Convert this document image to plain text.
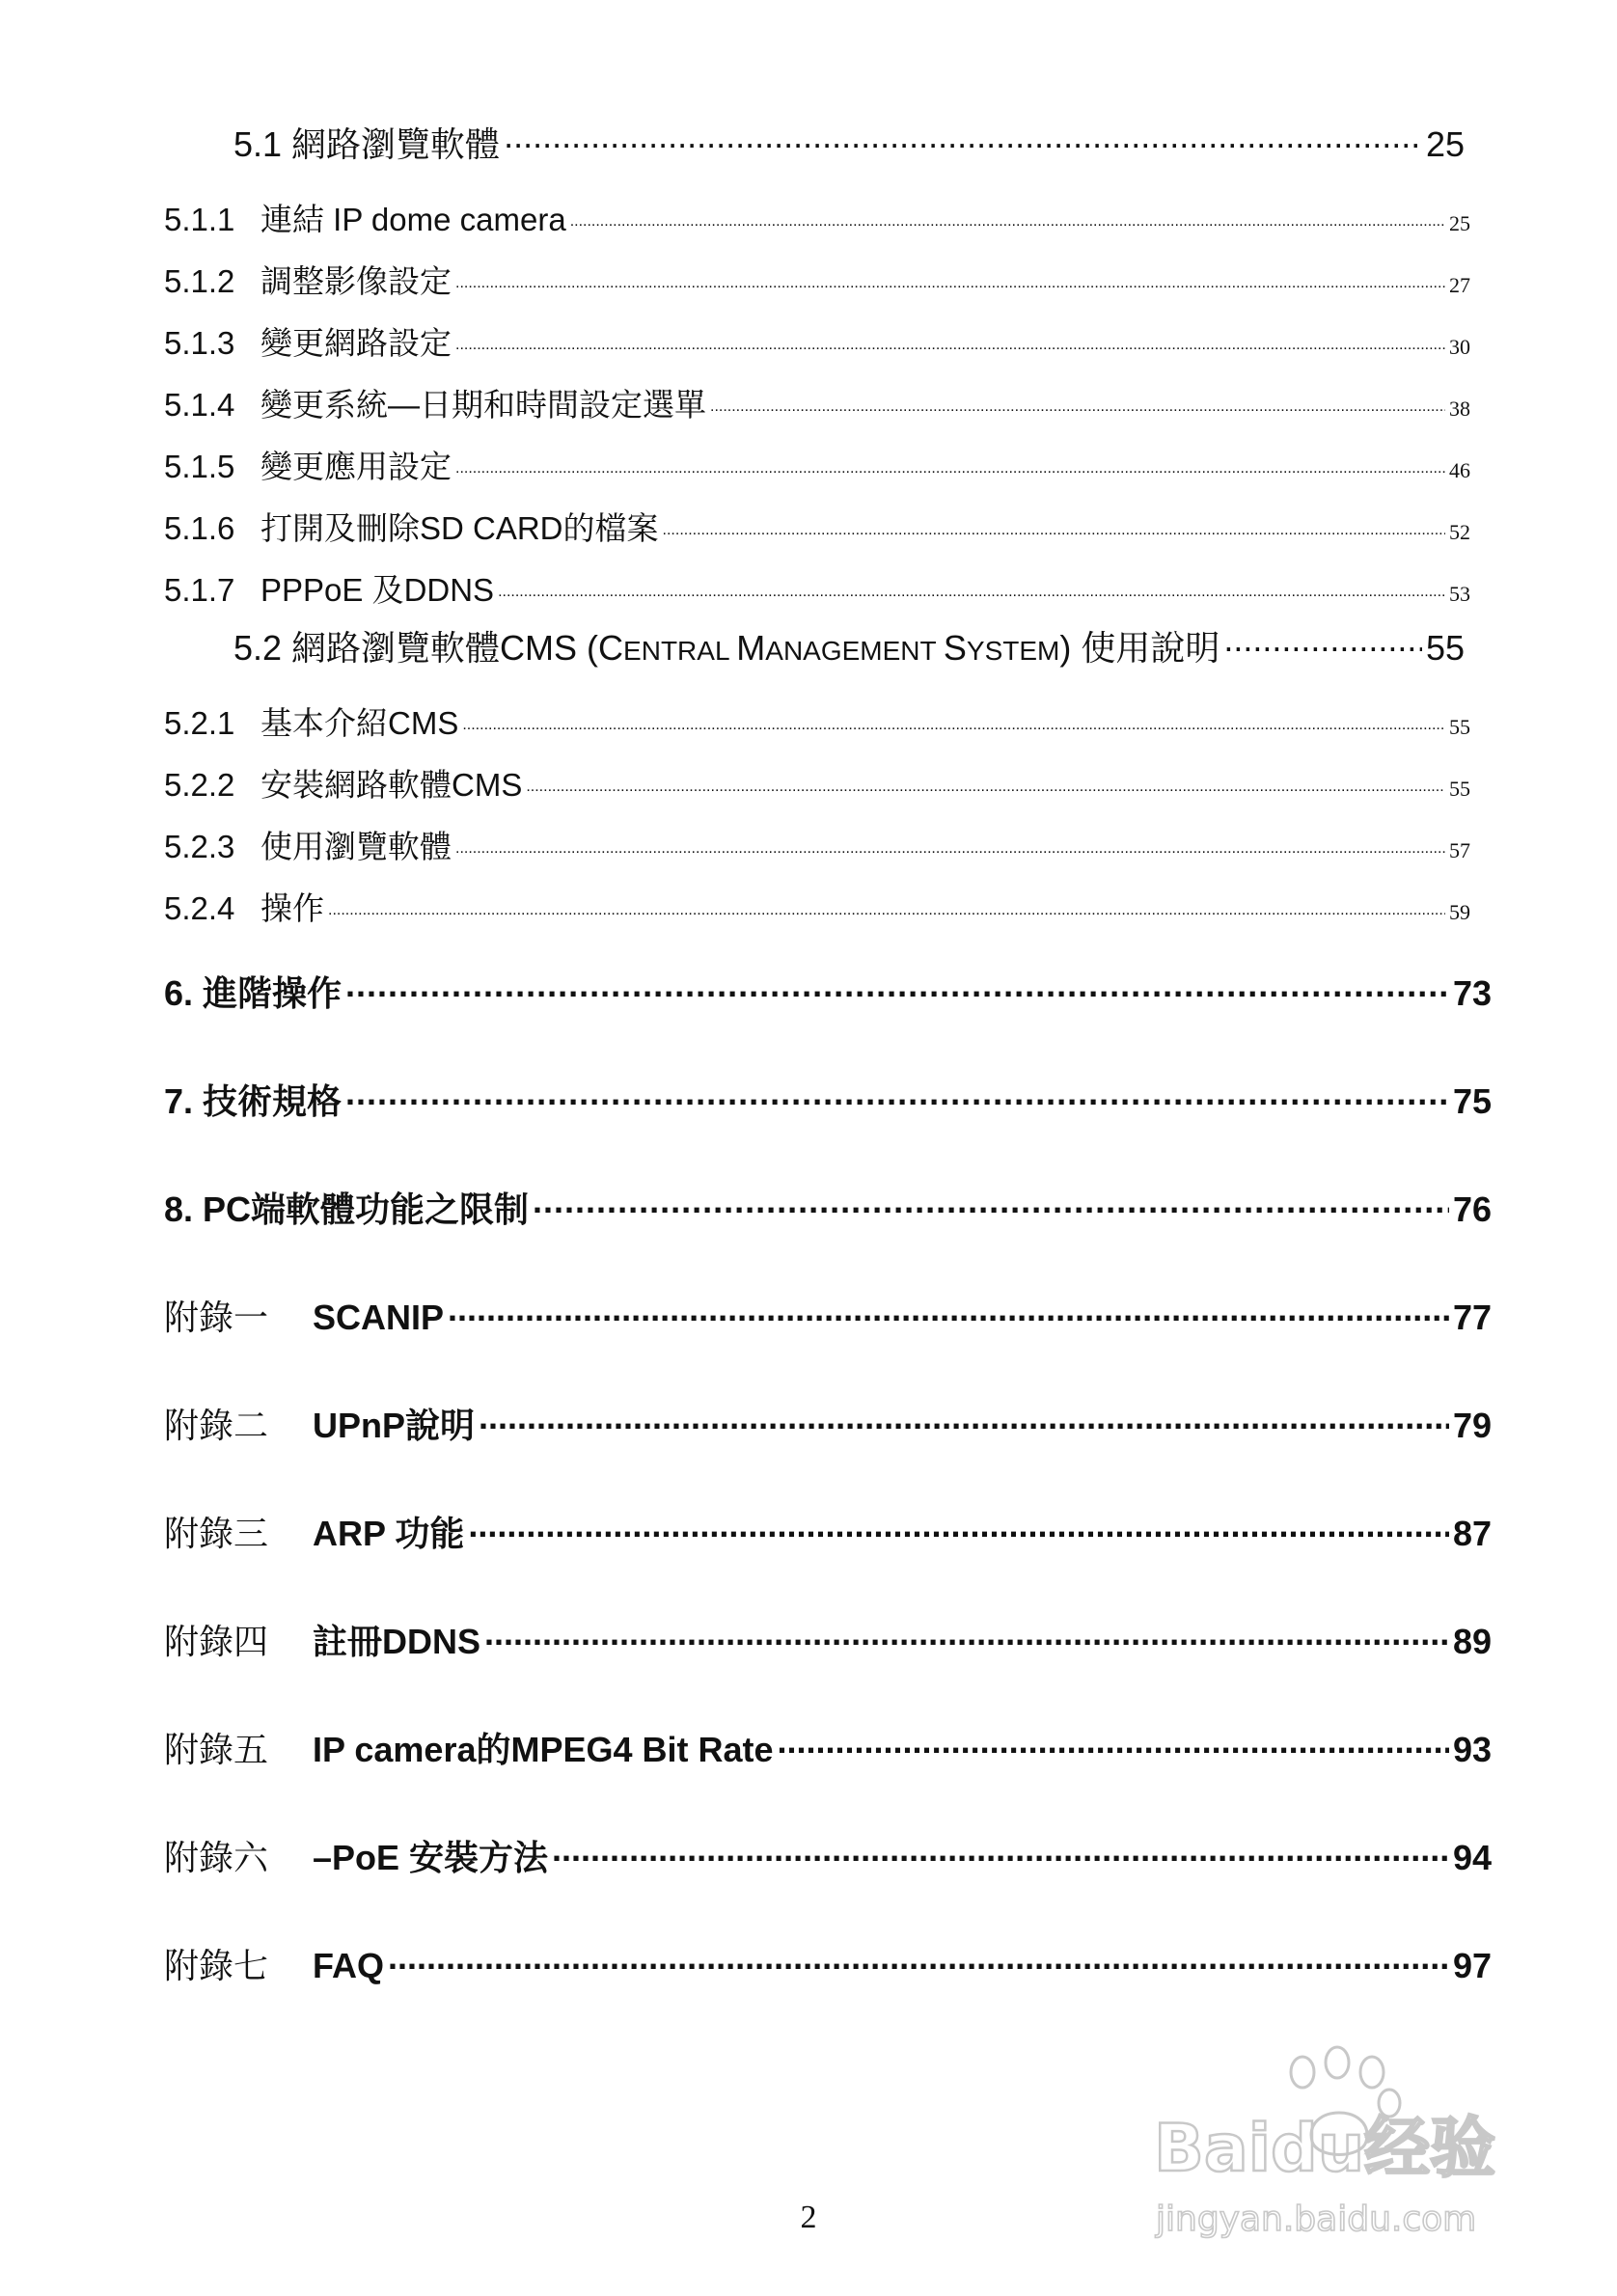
5.1 網路瀏覽軟體 .....	25
5.1.1 連結 IP dome camera .....	25
5.1.2 調整影像設定 .....	27
5.1.3 變更網路設定 .....	30
5.1.4 變更系統—日期和時間設定選單 .....	38
5.1.5 變更應用設定 .....	46
5.1.6 打開及刪除SD CARD的檔案 .....	52
5.1.7 PPPoE 及DDNS .....	53
5.2 網路瀏覽軟體CMS (CENTRAL MANAGEMENT SYSTEM) 使用說明 .....	55
5.2.1 基本介紹CMS .....	55
5.2.2 安裝網路軟體CMS .....	55
5.2.3 使用瀏覽軟體 .....	57
5.2.4 操作 .....	59
6. 進階操作 .....	73
7. 技術規格 .....	75
8. PC端軟體功能之限制 .....	76
附錄一 SCANIP .....	77
附錄二 UPnP說明 .....	79
附錄三 ARP 功能 .....	87
附錄四 註冊DDNS .....	89
附錄五 IP camera的MPEG4 Bit Rate .....	93
附錄六 –PoE 安裝方法 .....	94
附錄七 FAQ .....	97
Baidu经验
jingyan.baidu.com
2
